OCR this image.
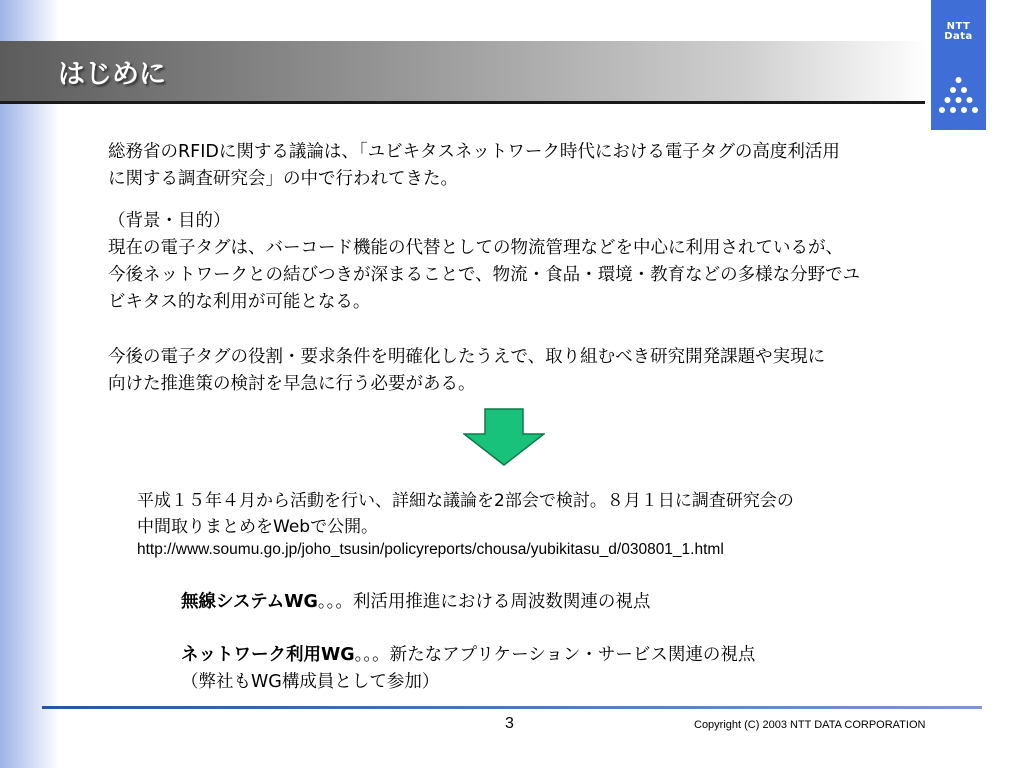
はじめに
NTT
Data
総務省のRFIDに関する議論は、「ユビキタスネットワーク時代における電子タグの高度利活用
に関する調査研究会」の中で行われてきた。
（背景・目的）
現在の電子タグは、バーコード機能の代替としての物流管理などを中心に利用されているが、
今後ネットワークとの結びつきが深まることで、物流・食品・環境・教育などの多様な分野でユ
ビキタス的な利用が可能となる。
今後の電子タグの役割・要求条件を明確化したうえで、取り組むべき研究開発課題や実現に
向けた推進策の検討を早急に行う必要がある。
平成１５年４月から活動を行い、詳細な議論を2部会で検討。８月１日に調査研究会の
中間取りまとめをWebで公開。
http://www.soumu.go.jp/joho_tsusin/policyreports/chousa/yubikitasu_d/030801_1.html
無線システムWG。。。利活用推進における周波数関連の視点
ネットワーク利用WG。。。新たなアプリケーション・サービス関連の視点
（弊社もWG構成員として参加）
3	Copyright (C) 2003 NTT DATA CORPORATION
